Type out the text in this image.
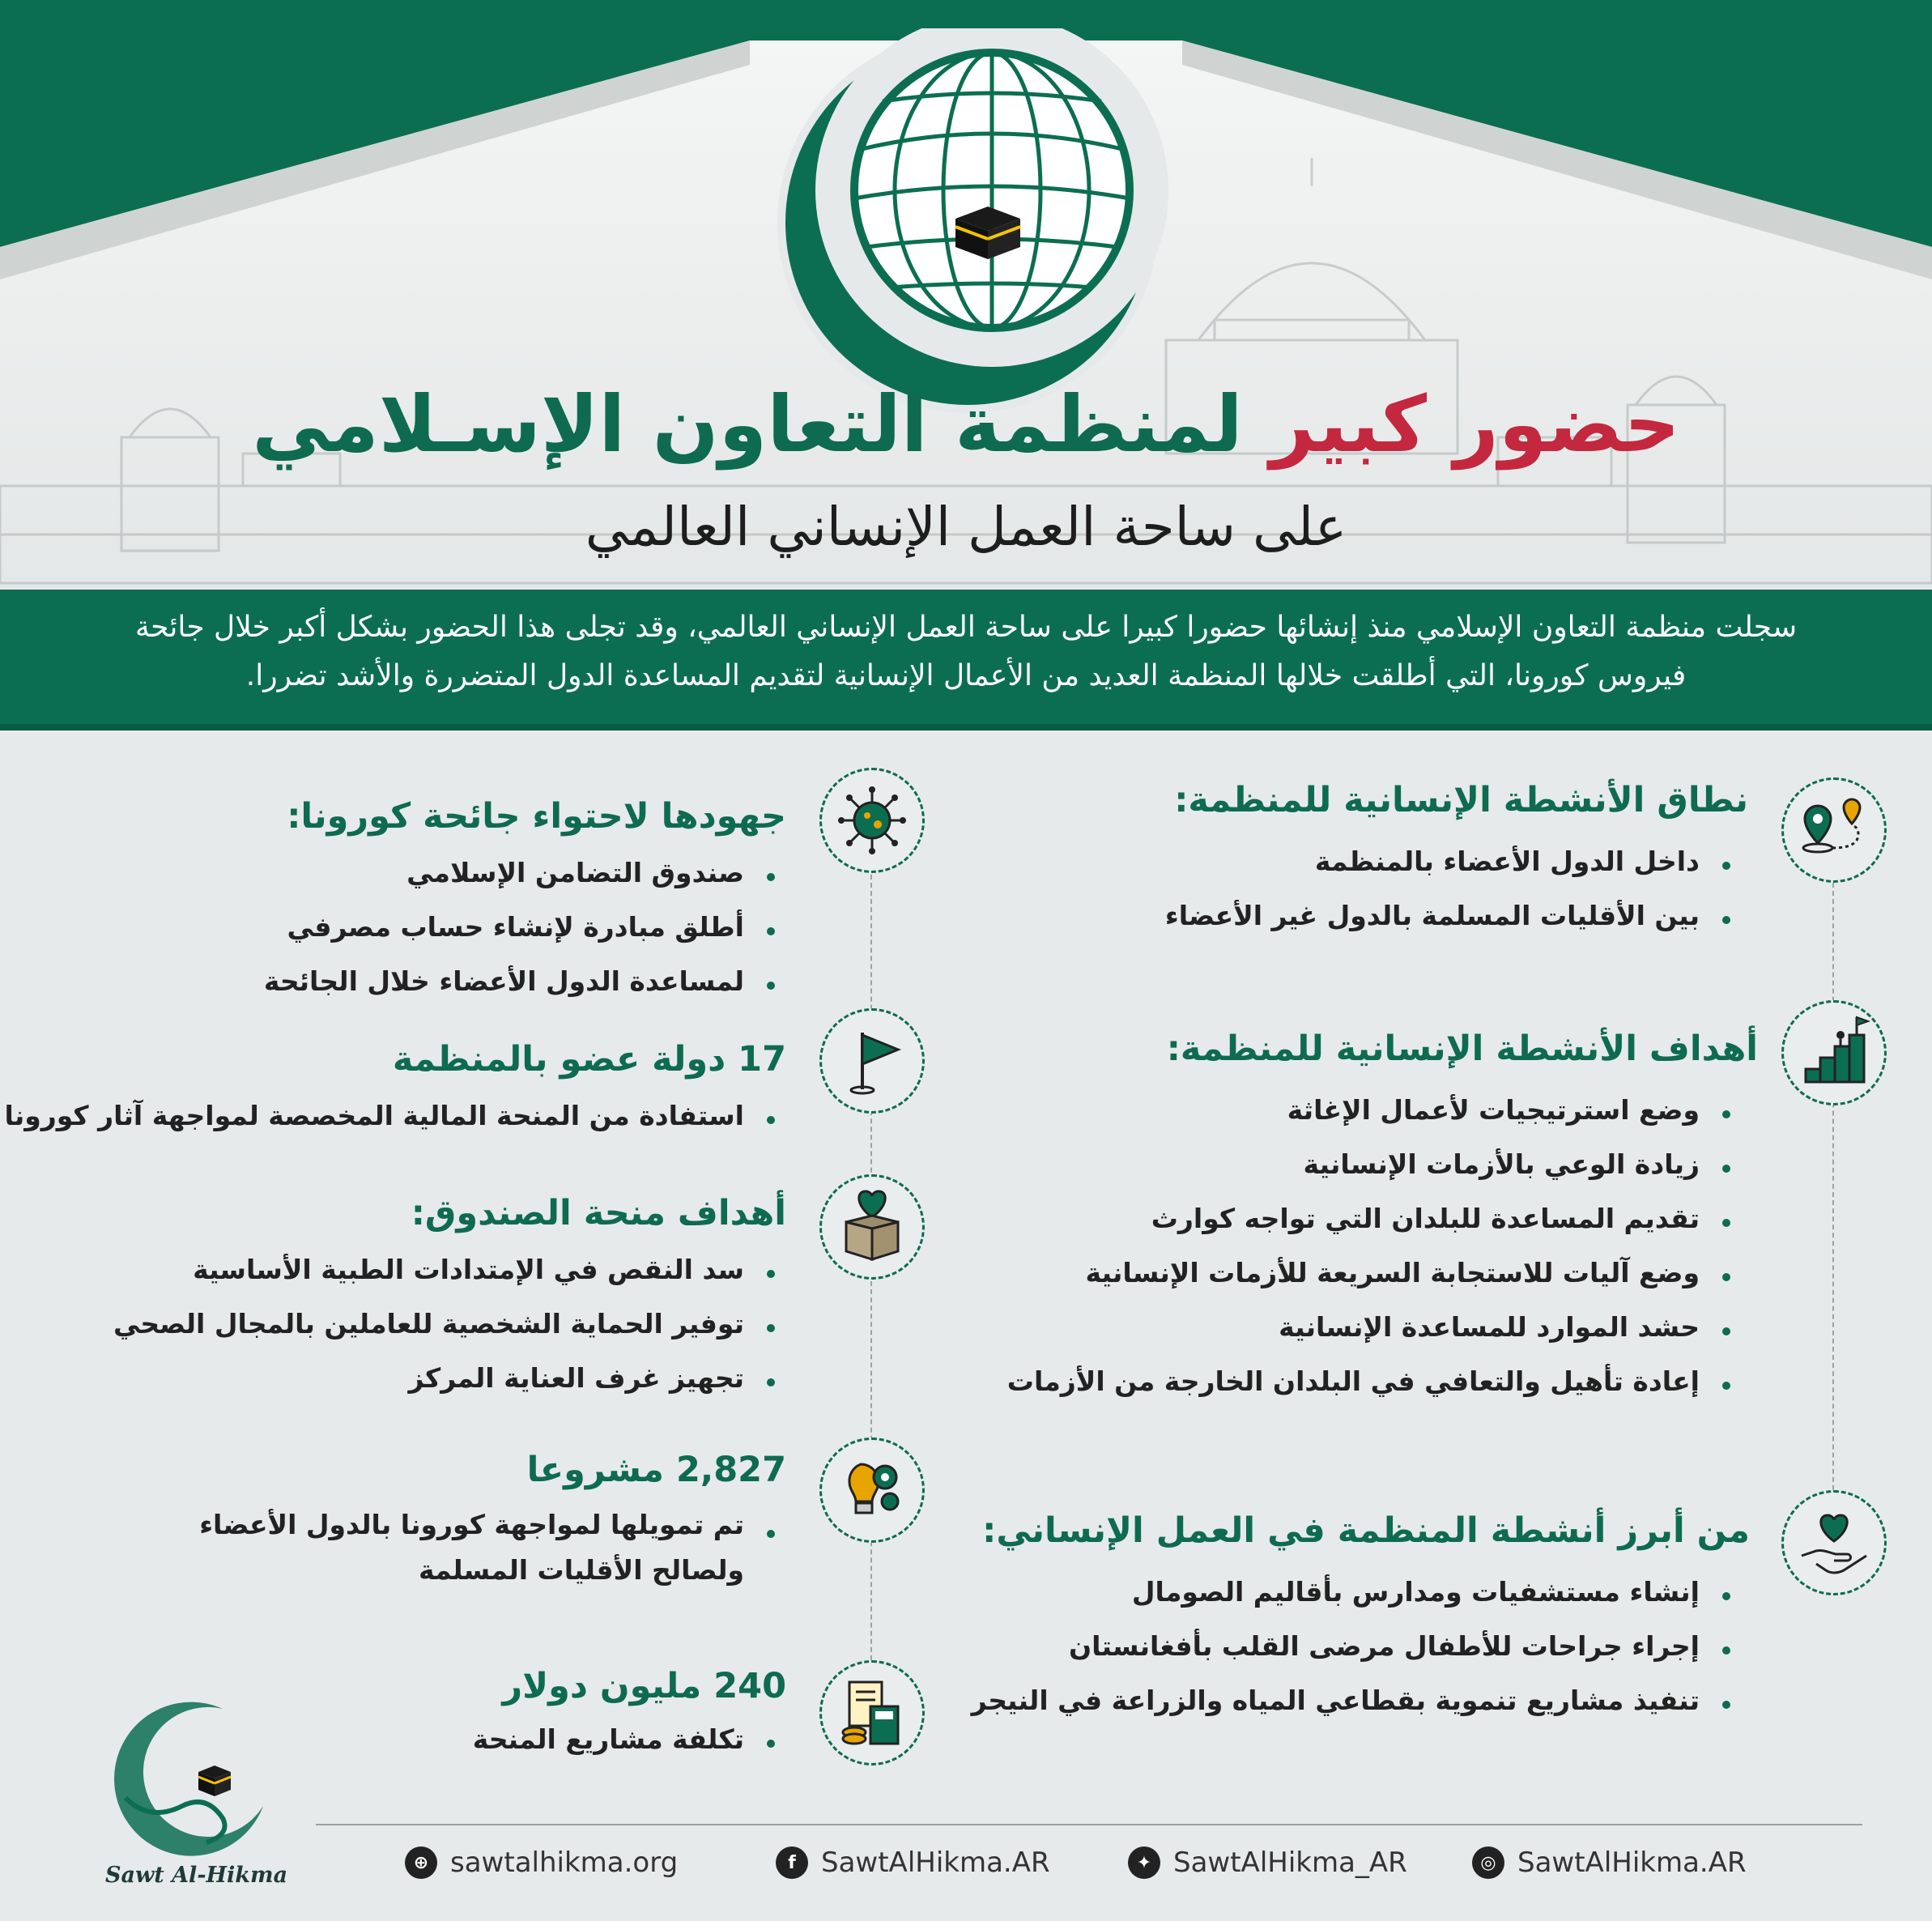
حضور كبير لمنظمة التعاون الإسـلامي
على ساحة العمل الإنساني العالمي
سجلت منظمة التعاون الإسلامي منذ إنشائها حضورا كبيرا على ساحة العمل الإنساني العالمي، وقد تجلى هذا الحضور بشكل أكبر خلال جائحة
فيروس كورونا، التي أطلقت خلالها المنظمة العديد من الأعمال الإنسانية لتقديم المساعدة الدول المتضررة والأشد تضررا.
نطاق الأنشطة الإنسانية للمنظمة:
داخل الدول الأعضاء بالمنظمة
بين الأقليات المسلمة بالدول غير الأعضاء
أهداف الأنشطة الإنسانية للمنظمة:
وضع استرتيجيات لأعمال الإغاثة
زيادة الوعي بالأزمات الإنسانية
تقديم المساعدة للبلدان التي تواجه كوارث
وضع آليات للاستجابة السريعة للأزمات الإنسانية
حشد الموارد للمساعدة الإنسانية
إعادة تأهيل والتعافي في البلدان الخارجة من الأزمات
من أبرز أنشطة المنظمة في العمل الإنساني:
إنشاء مستشفيات ومدارس بأقاليم الصومال
إجراء جراحات للأطفال مرضى القلب بأفغانستان
تنفيذ مشاريع تنموية بقطاعي المياه والزراعة في النيجر
جهودها لاحتواء جائحة كورونا:
صندوق التضامن الإسلامي
أطلق مبادرة لإنشاء حساب مصرفي
لمساعدة الدول الأعضاء خلال الجائحة
17 دولة عضو بالمنظمة
استفادة من المنحة المالية المخصصة لمواجهة آثار كورونا
أهداف منحة الصندوق:
سد النقص في الإمتدادات الطبية الأساسية
توفير الحماية الشخصية للعاملين بالمجال الصحي
تجهيز غرف العناية المركز
2,827 مشروعا
تم تمويلها لمواجهة كورونا بالدول الأعضاء ولصالح الأقليات المسلمة
240 مليون دولار
تكلفة مشاريع المنحة
Sawt Al-Hikma	⊕ sawtalhikma.org	f SawtAlHikma.AR	✦ SawtAlHikma_AR	◎ SawtAlHikma.AR
